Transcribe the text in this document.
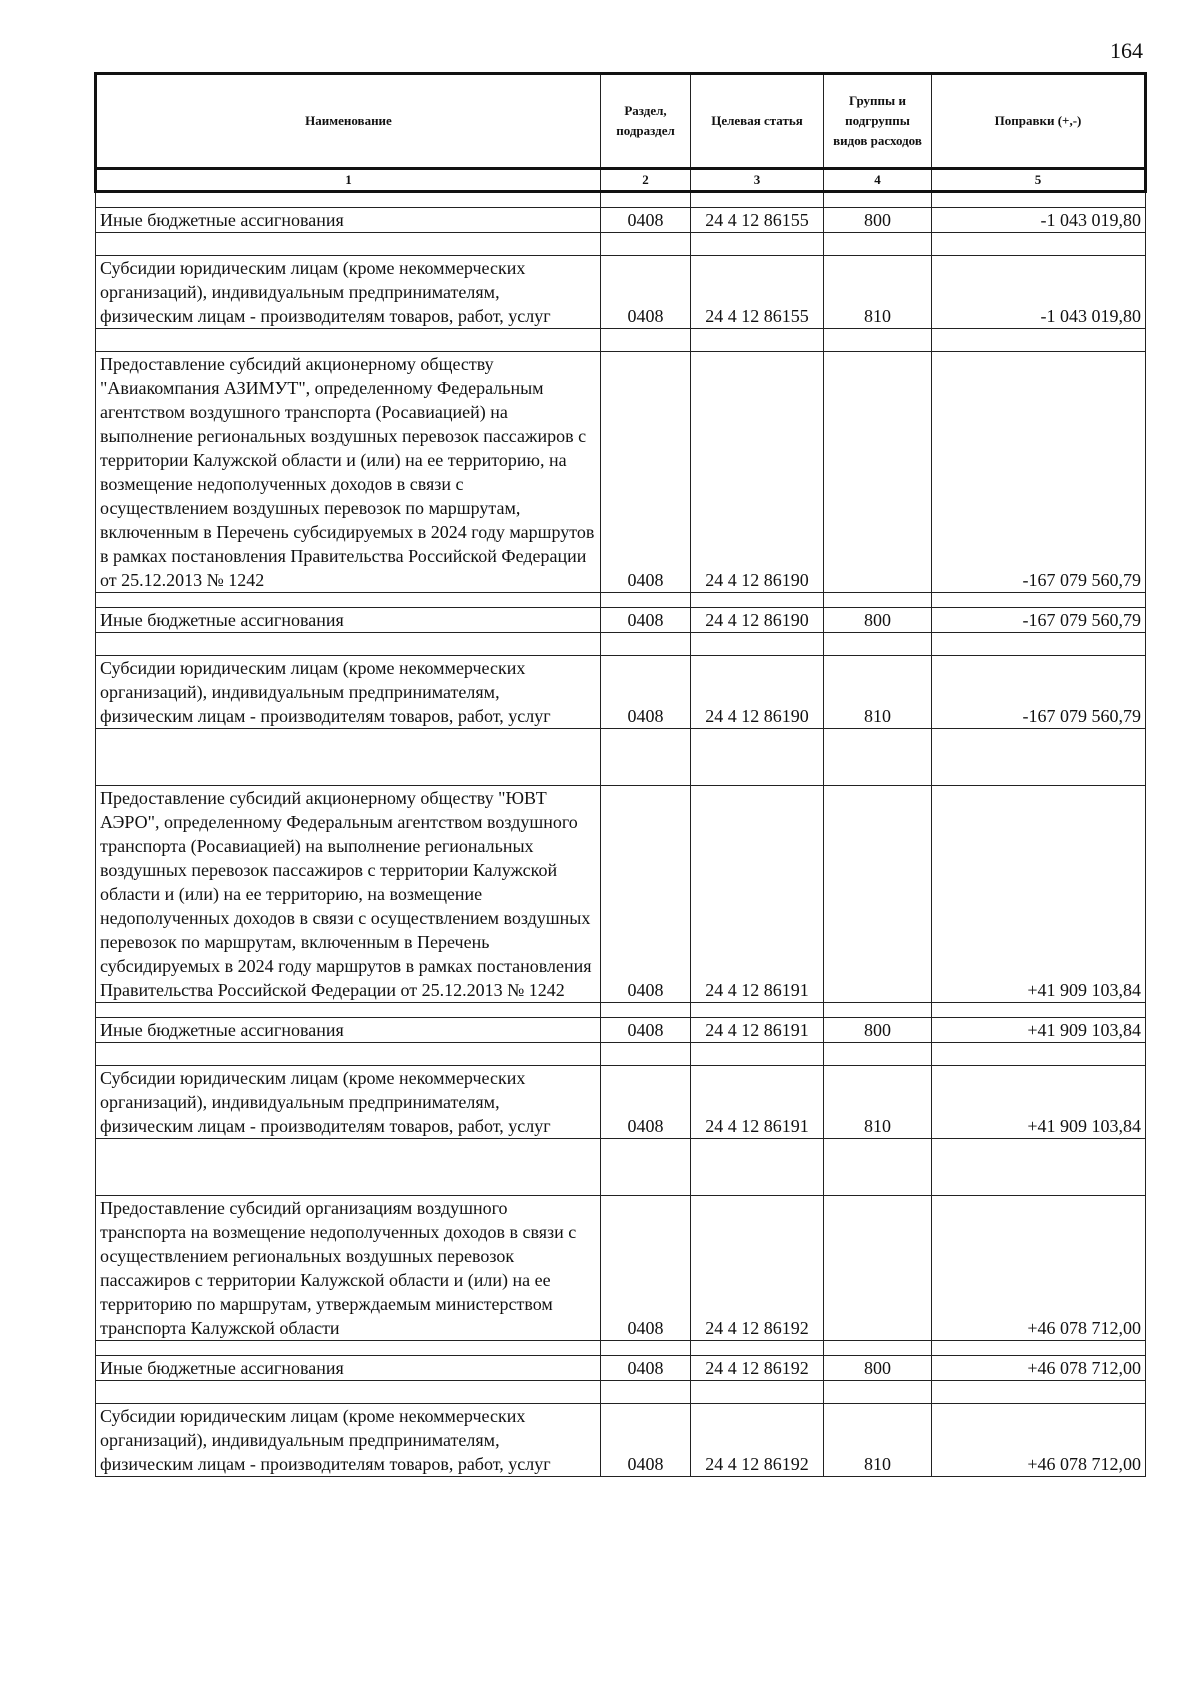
164
Наименование	Раздел, подраздел	Целевая статья	Группы и подгруппы видов расходов	Поправки (+,-)
1	2	3	4	5

Иные бюджетные ассигнования	0408	24 4 12 86155	800	-1 043 019,80

Субсидии юридическим лицам (кроме некоммерческих организаций), индивидуальным предпринимателям, физическим лицам - производителям товаров, работ, услуг	0408	24 4 12 86155	810	-1 043 019,80

Предоставление субсидий акционерному обществу "Авиакомпания АЗИМУТ", определенному Федеральным агентством воздушного транспорта (Росавиацией) на выполнение региональных воздушных перевозок пассажиров с территории Калужской области и (или) на ее территорию, на возмещение недополученных доходов в связи с осуществлением воздушных перевозок по маршрутам, включенным в Перечень субсидируемых в 2024 году маршрутов в рамках постановления Правительства Российской Федерации от 25.12.2013 № 1242	0408	24 4 12 86190		-167 079 560,79

Иные бюджетные ассигнования	0408	24 4 12 86190	800	-167 079 560,79

Субсидии юридическим лицам (кроме некоммерческих организаций), индивидуальным предпринимателям, физическим лицам - производителям товаров, работ, услуг	0408	24 4 12 86190	810	-167 079 560,79

Предоставление субсидий акционерному обществу "ЮВТ АЭРО", определенному Федеральным агентством воздушного транспорта (Росавиацией) на выполнение региональных воздушных перевозок пассажиров с территории Калужской области и (или) на ее территорию, на возмещение недополученных доходов в связи с осуществлением воздушных перевозок по маршрутам, включенным в Перечень субсидируемых в 2024 году маршрутов в рамках постановления Правительства Российской Федерации от 25.12.2013 № 1242	0408	24 4 12 86191		+41 909 103,84

Иные бюджетные ассигнования	0408	24 4 12 86191	800	+41 909 103,84

Субсидии юридическим лицам (кроме некоммерческих организаций), индивидуальным предпринимателям, физическим лицам - производителям товаров, работ, услуг	0408	24 4 12 86191	810	+41 909 103,84

Предоставление субсидий организациям воздушного транспорта на возмещение недополученных доходов в связи с осуществлением региональных воздушных перевозок пассажиров с территории Калужской области и (или) на ее территорию по маршрутам, утверждаемым министерством транспорта Калужской области	0408	24 4 12 86192		+46 078 712,00

Иные бюджетные ассигнования	0408	24 4 12 86192	800	+46 078 712,00

Субсидии юридическим лицам (кроме некоммерческих организаций), индивидуальным предпринимателям, физическим лицам - производителям товаров, работ, услуг	0408	24 4 12 86192	810	+46 078 712,00
